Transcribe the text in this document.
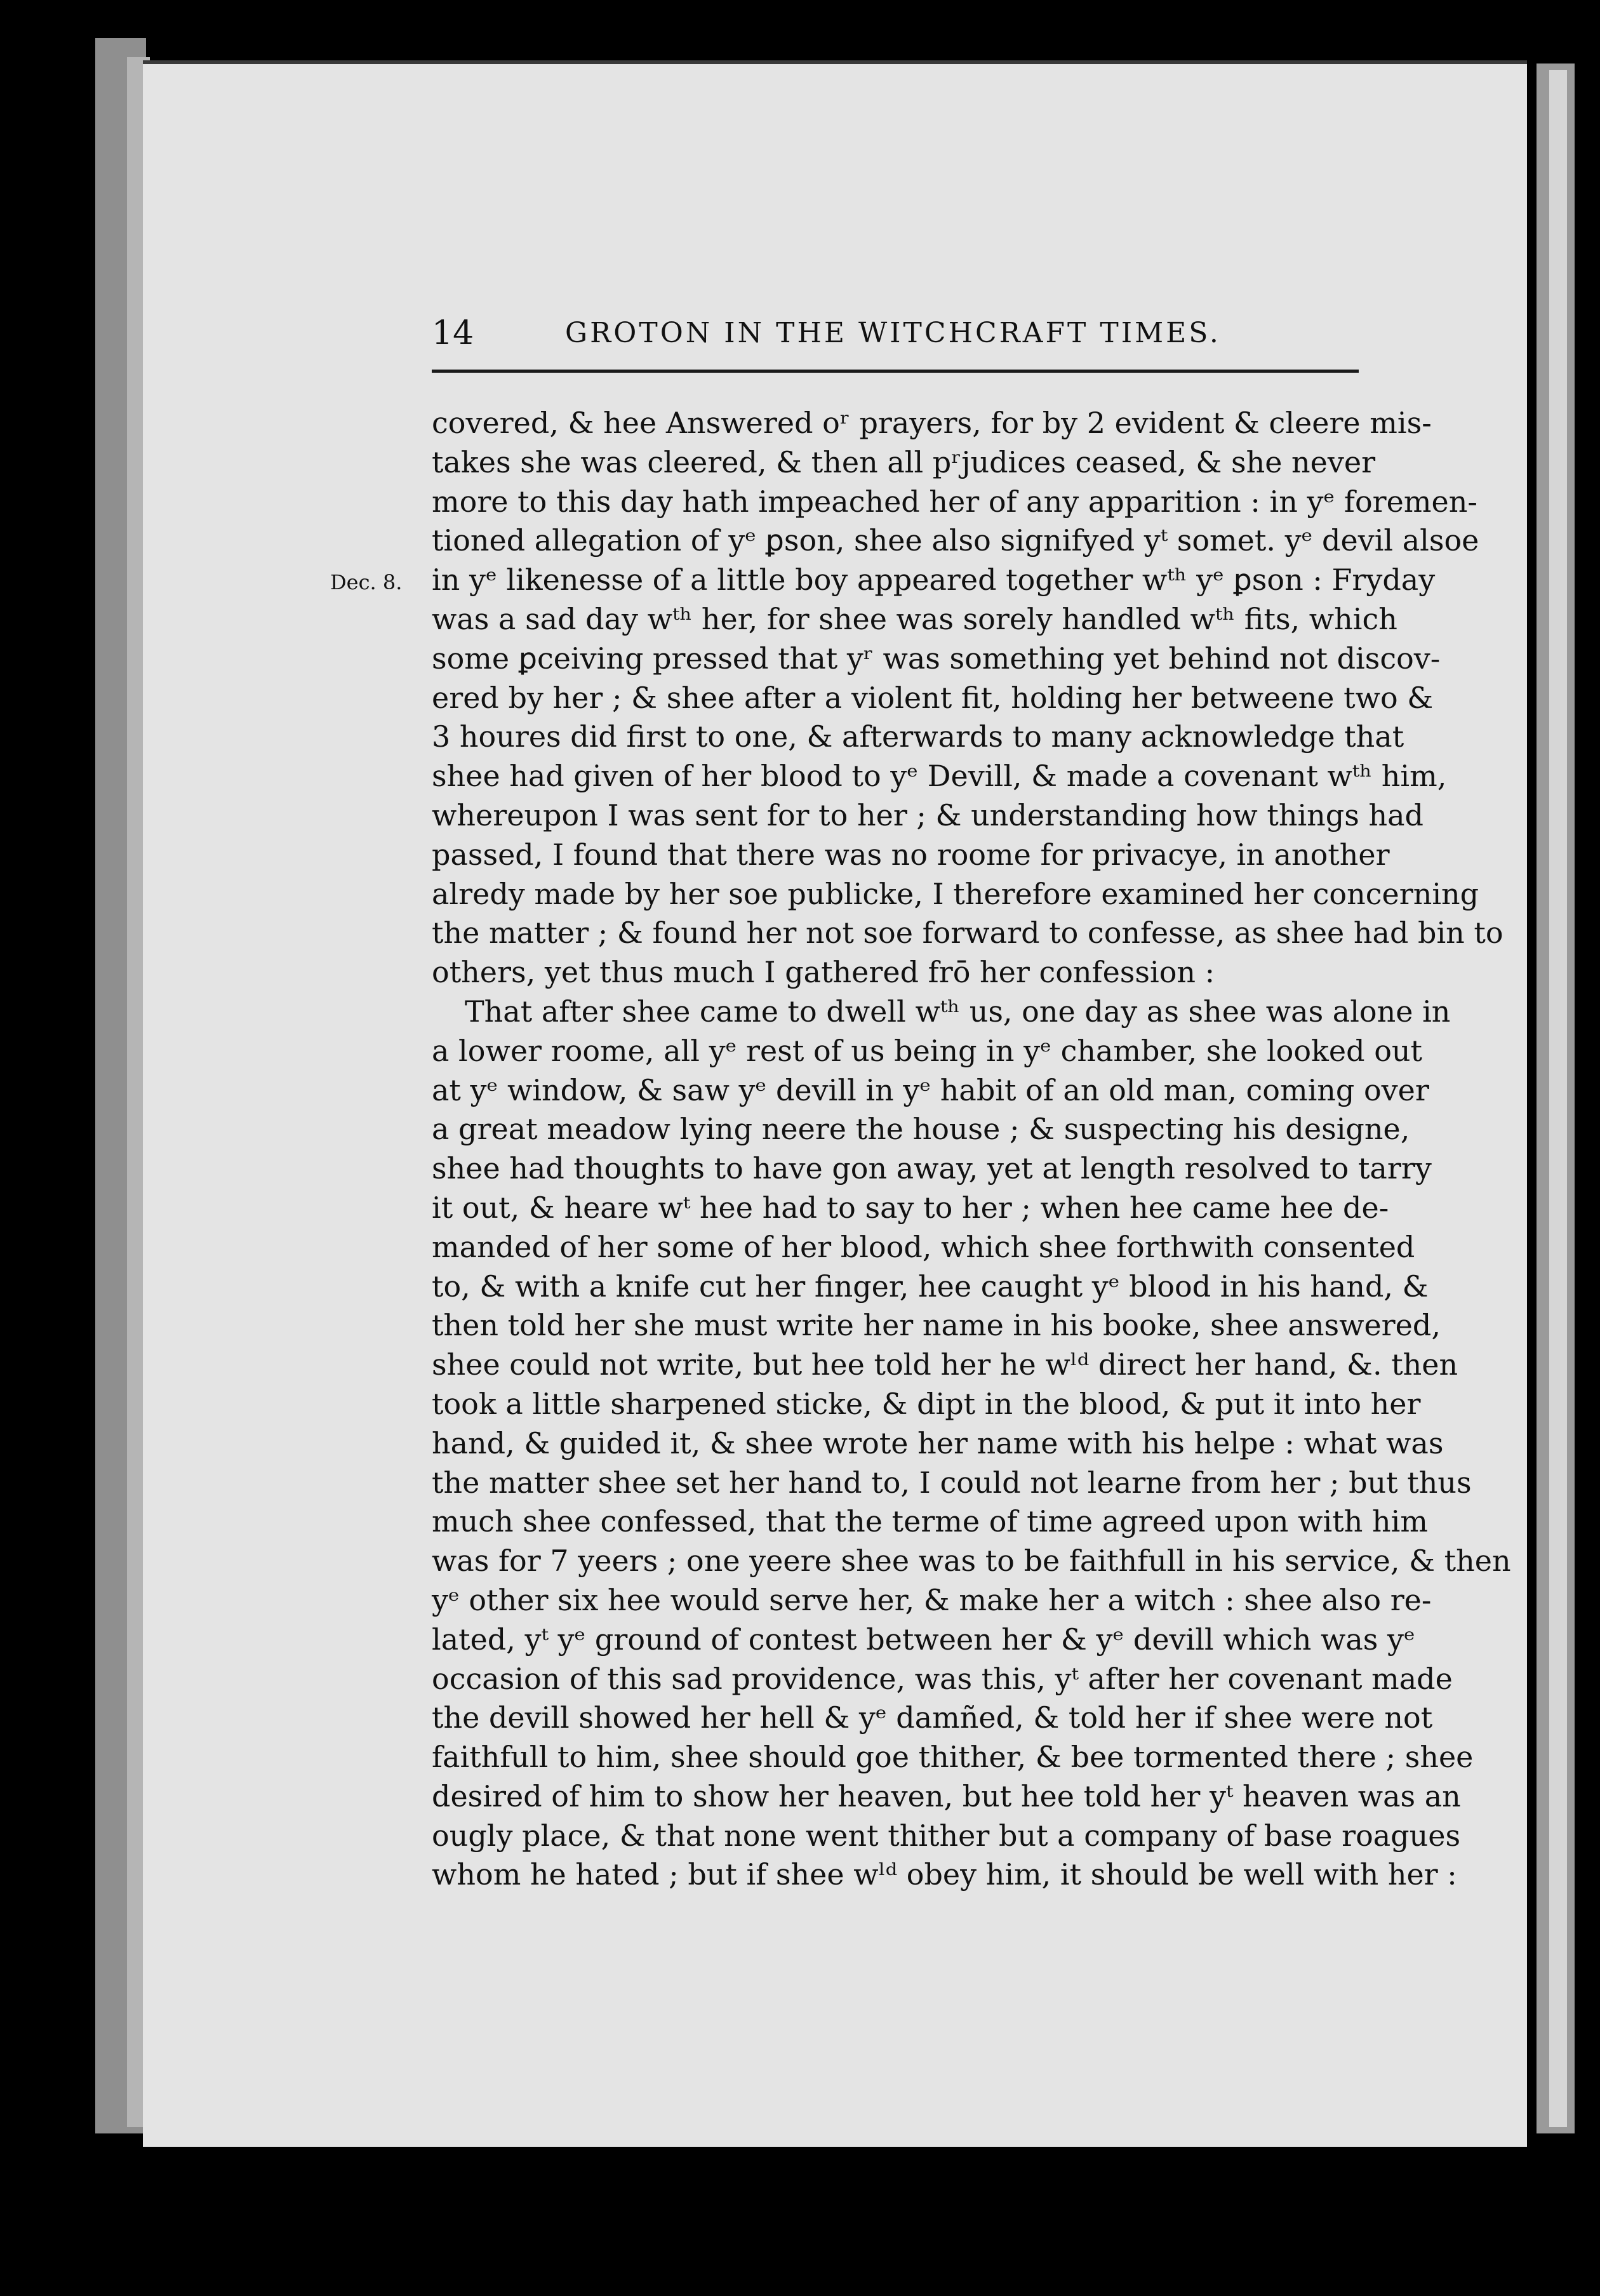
14	GROTON IN THE WITCHCRAFT TIMES.
Dec. 8.
covered, & hee Answered oʳ prayers, for by 2 evident & cleere mis-
takes she was cleered, & then all pʳjudices ceased, & she never
more to this day hath impeached her of any apparition : in yᵉ foremen-
tioned allegation of yᵉ ꝑson, shee also signifyed yᵗ somet. yᵉ devil alsoe
in yᵉ likenesse of a little boy appeared together wᵗʰ yᵉ ꝑson : Fryday
was a sad day wᵗʰ her, for shee was sorely handled wᵗʰ fits, which
some ꝑceiving pressed that yʳ was something yet behind not discov-
ered by her ; & shee after a violent fit, holding her betweene two &
3 houres did first to one, & afterwards to many acknowledge that
shee had given of her blood to yᵉ Devill, & made a covenant wᵗʰ him,
whereupon I was sent for to her ; & understanding how things had
passed, I found that there was no roome for privacye, in another
alredy made by her soe publicke, I therefore examined her concerning
the matter ; & found her not soe forward to confesse, as shee had bin to
others, yet thus much I gathered frō her confession :
That after shee came to dwell wᵗʰ us, one day as shee was alone in
a lower roome, all yᵉ rest of us being in yᵉ chamber, she looked out
at yᵉ window, & saw yᵉ devill in yᵉ habit of an old man, coming over
a great meadow lying neere the house ; & suspecting his designe,
shee had thoughts to have gon away, yet at length resolved to tarry
it out, & heare wᵗ hee had to say to her ; when hee came hee de-
manded of her some of her blood, which shee forthwith consented
to, & with a knife cut her finger, hee caught yᵉ blood in his hand, &
then told her she must write her name in his booke, shee answered,
shee could not write, but hee told her he wˡᵈ direct her hand, &. then
took a little sharpened sticke, & dipt in the blood, & put it into her
hand, & guided it, & shee wrote her name with his helpe : what was
the matter shee set her hand to, I could not learne from her ; but thus
much shee confessed, that the terme of time agreed upon with him
was for 7 yeers ; one yeere shee was to be faithfull in his service, & then
yᵉ other six hee would serve her, & make her a witch : shee also re-
lated, yᵗ yᵉ ground of contest between her & yᵉ devill which was yᵉ
occasion of this sad providence, was this, yᵗ after her covenant made
the devill showed her hell & yᵉ damñed, & told her if shee were not
faithfull to him, shee should goe thither, & bee tormented there ; shee
desired of him to show her heaven, but hee told her yᵗ heaven was an
ougly place, & that none went thither but a company of base roagues
whom he hated ; but if shee wˡᵈ obey him, it should be well with her :
